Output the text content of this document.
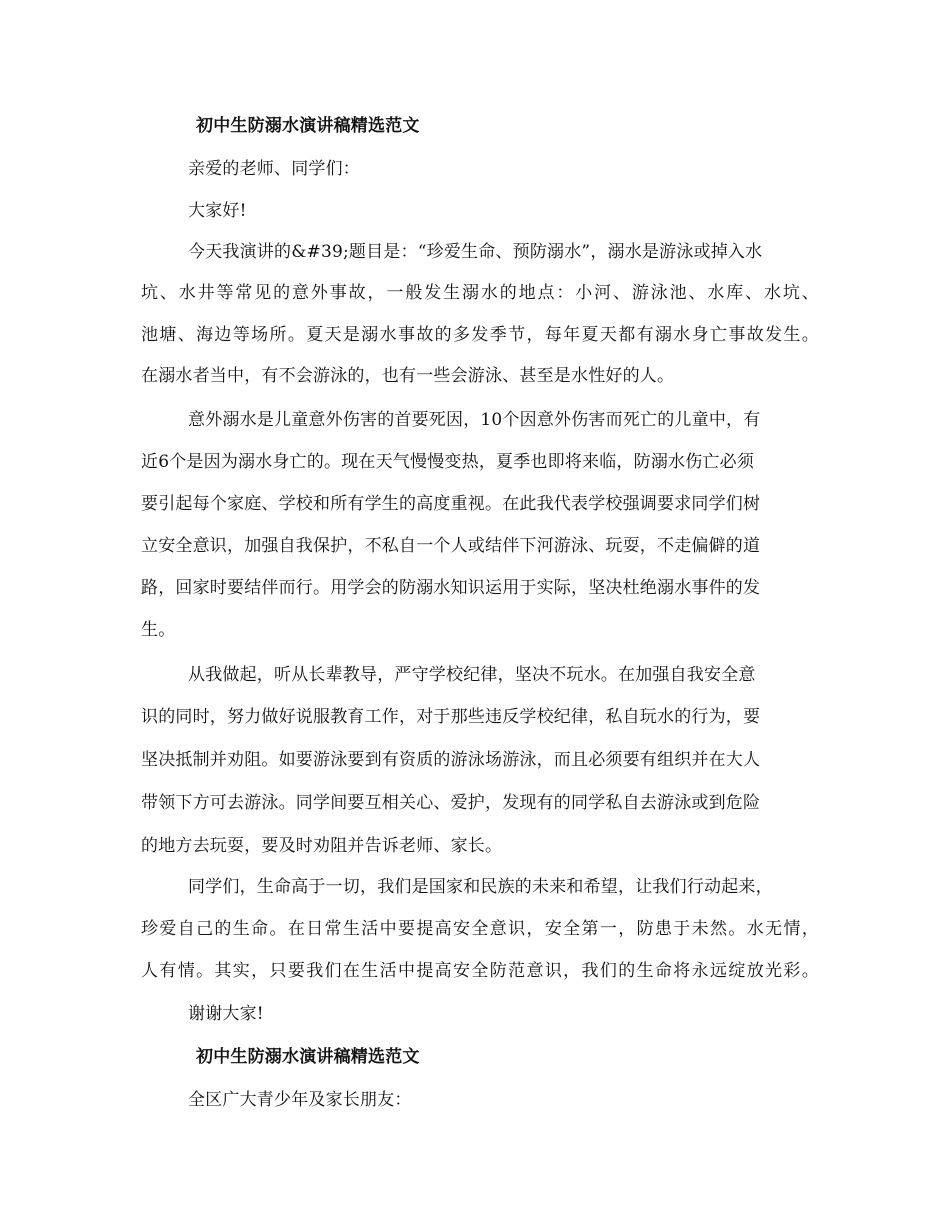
初中生防溺水演讲稿精选范文
亲爱的老师、同学们：
大家好!
今天我演讲的&#39;题目是：“珍爱生命、预防溺水”，溺水是游泳或掉入水
坑、水井等常见的意外事故，一般发生溺水的地点：小河、游泳池、水库、水坑、
池塘、海边等场所。夏天是溺水事故的多发季节，每年夏天都有溺水身亡事故发生。
在溺水者当中，有不会游泳的，也有一些会游泳、甚至是水性好的人。
意外溺水是儿童意外伤害的首要死因，10个因意外伤害而死亡的儿童中，有
近6个是因为溺水身亡的。现在天气慢慢变热，夏季也即将来临，防溺水伤亡必须
要引起每个家庭、学校和所有学生的高度重视。在此我代表学校强调要求同学们树
立安全意识，加强自我保护，不私自一个人或结伴下河游泳、玩耍，不走偏僻的道
路，回家时要结伴而行。用学会的防溺水知识运用于实际，坚决杜绝溺水事件的发
生。
从我做起，听从长辈教导，严守学校纪律，坚决不玩水。在加强自我安全意
识的同时，努力做好说服教育工作，对于那些违反学校纪律，私自玩水的行为，要
坚决抵制并劝阻。如要游泳要到有资质的游泳场游泳，而且必须要有组织并在大人
带领下方可去游泳。同学间要互相关心、爱护，发现有的同学私自去游泳或到危险
的地方去玩耍，要及时劝阻并告诉老师、家长。
同学们，生命高于一切，我们是国家和民族的未来和希望，让我们行动起来，
珍爱自己的生命。在日常生活中要提高安全意识，安全第一，防患于未然。水无情，
人有情。其实，只要我们在生活中提高安全防范意识，我们的生命将永远绽放光彩。
谢谢大家!
初中生防溺水演讲稿精选范文
全区广大青少年及家长朋友：
